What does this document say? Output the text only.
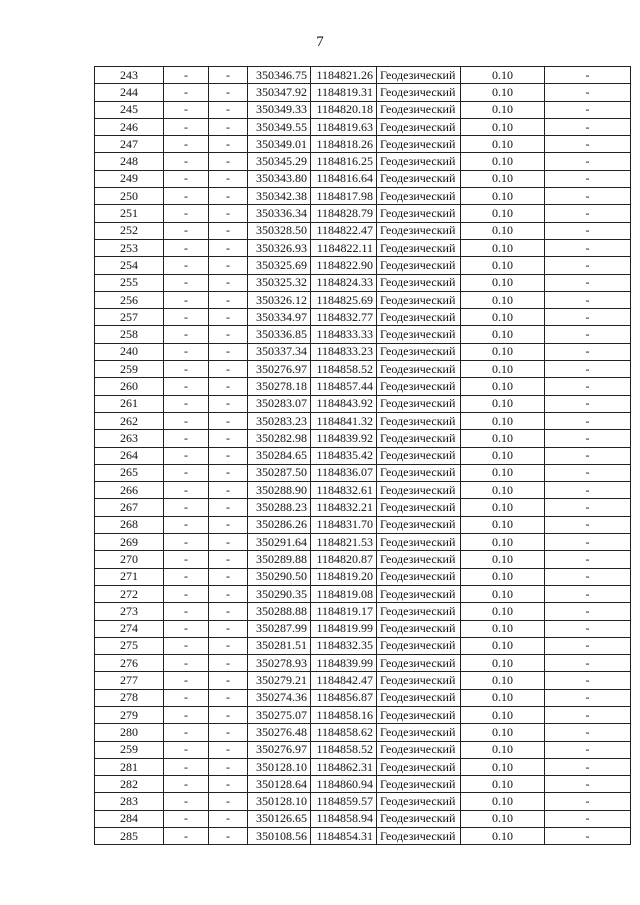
7
243	-	-	350346.75	1184821.26	Геодезический	0.10	-
244	-	-	350347.92	1184819.31	Геодезический	0.10	-
245	-	-	350349.33	1184820.18	Геодезический	0.10	-
246	-	-	350349.55	1184819.63	Геодезический	0.10	-
247	-	-	350349.01	1184818.26	Геодезический	0.10	-
248	-	-	350345.29	1184816.25	Геодезический	0.10	-
249	-	-	350343.80	1184816.64	Геодезический	0.10	-
250	-	-	350342.38	1184817.98	Геодезический	0.10	-
251	-	-	350336.34	1184828.79	Геодезический	0.10	-
252	-	-	350328.50	1184822.47	Геодезический	0.10	-
253	-	-	350326.93	1184822.11	Геодезический	0.10	-
254	-	-	350325.69	1184822.90	Геодезический	0.10	-
255	-	-	350325.32	1184824.33	Геодезический	0.10	-
256	-	-	350326.12	1184825.69	Геодезический	0.10	-
257	-	-	350334.97	1184832.77	Геодезический	0.10	-
258	-	-	350336.85	1184833.33	Геодезический	0.10	-
240	-	-	350337.34	1184833.23	Геодезический	0.10	-
259	-	-	350276.97	1184858.52	Геодезический	0.10	-
260	-	-	350278.18	1184857.44	Геодезический	0.10	-
261	-	-	350283.07	1184843.92	Геодезический	0.10	-
262	-	-	350283.23	1184841.32	Геодезический	0.10	-
263	-	-	350282.98	1184839.92	Геодезический	0.10	-
264	-	-	350284.65	1184835.42	Геодезический	0.10	-
265	-	-	350287.50	1184836.07	Геодезический	0.10	-
266	-	-	350288.90	1184832.61	Геодезический	0.10	-
267	-	-	350288.23	1184832.21	Геодезический	0.10	-
268	-	-	350286.26	1184831.70	Геодезический	0.10	-
269	-	-	350291.64	1184821.53	Геодезический	0.10	-
270	-	-	350289.88	1184820.87	Геодезический	0.10	-
271	-	-	350290.50	1184819.20	Геодезический	0.10	-
272	-	-	350290.35	1184819.08	Геодезический	0.10	-
273	-	-	350288.88	1184819.17	Геодезический	0.10	-
274	-	-	350287.99	1184819.99	Геодезический	0.10	-
275	-	-	350281.51	1184832.35	Геодезический	0.10	-
276	-	-	350278.93	1184839.99	Геодезический	0.10	-
277	-	-	350279.21	1184842.47	Геодезический	0.10	-
278	-	-	350274.36	1184856.87	Геодезический	0.10	-
279	-	-	350275.07	1184858.16	Геодезический	0.10	-
280	-	-	350276.48	1184858.62	Геодезический	0.10	-
259	-	-	350276.97	1184858.52	Геодезический	0.10	-
281	-	-	350128.10	1184862.31	Геодезический	0.10	-
282	-	-	350128.64	1184860.94	Геодезический	0.10	-
283	-	-	350128.10	1184859.57	Геодезический	0.10	-
284	-	-	350126.65	1184858.94	Геодезический	0.10	-
285	-	-	350108.56	1184854.31	Геодезический	0.10	-
